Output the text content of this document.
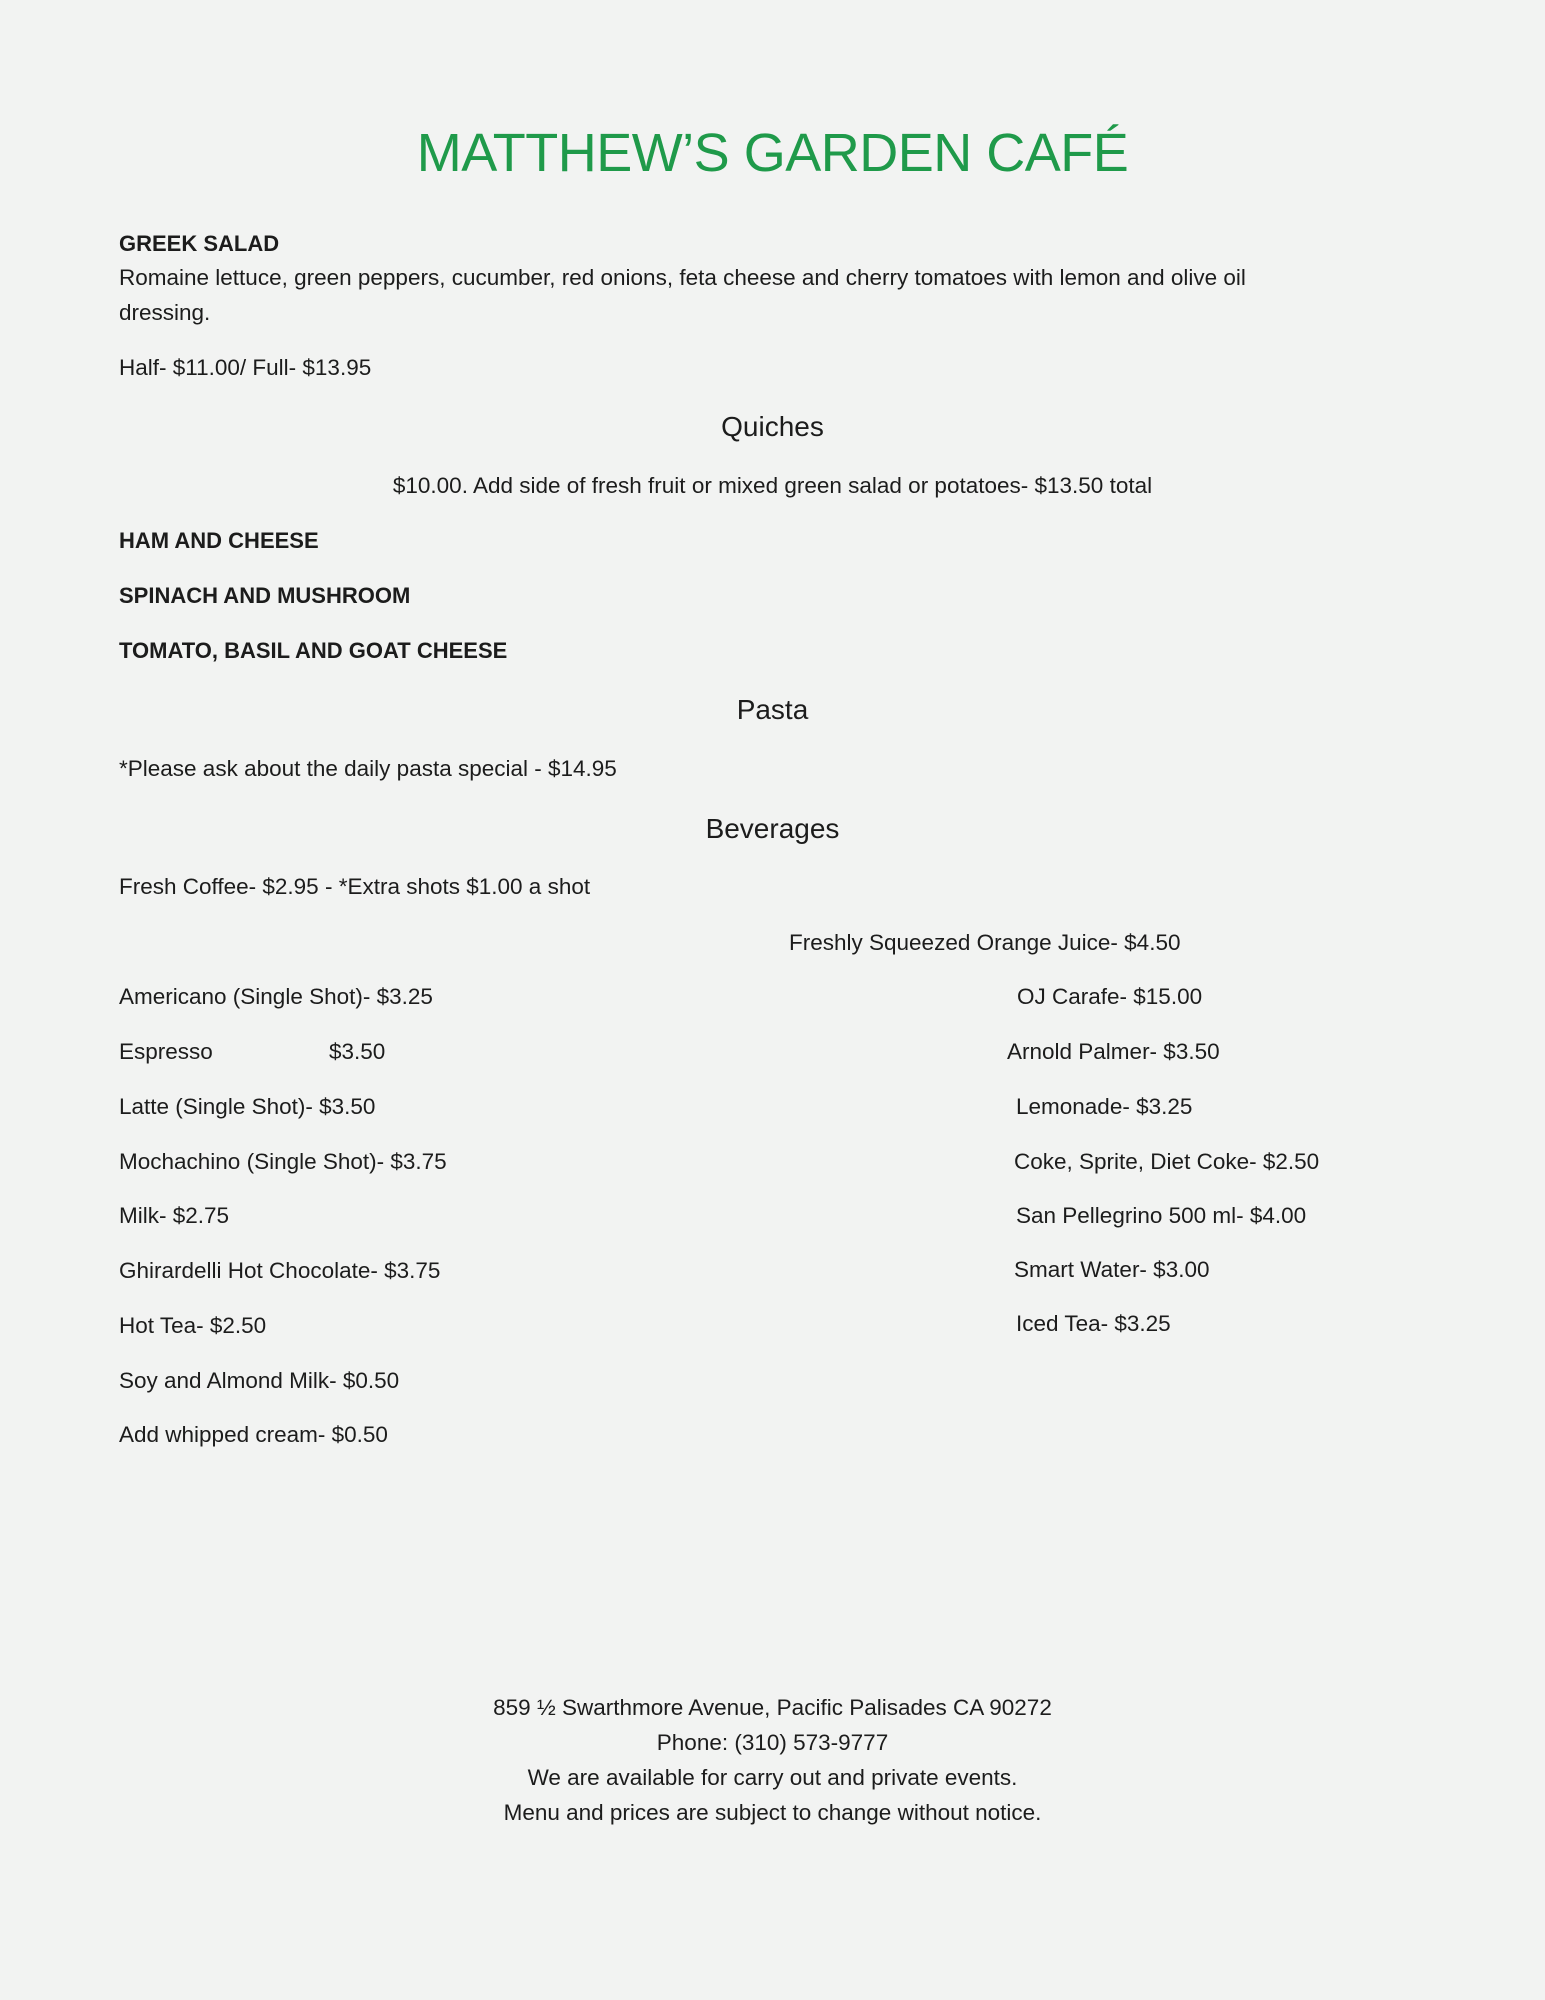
MATTHEW’S GARDEN CAFÉ
GREEK SALAD
Romaine lettuce, green peppers, cucumber, red onions, feta cheese and cherry tomatoes with lemon and olive oil
dressing.
Half- $11.00/ Full- $13.95
Quiches
$10.00. Add side of fresh fruit or mixed green salad or potatoes- $13.50 total
HAM AND CHEESE
SPINACH AND MUSHROOM
TOMATO, BASIL AND GOAT CHEESE
Pasta
*Please ask about the daily pasta special - $14.95
Beverages
Fresh Coffee- $2.95 - *Extra shots $1.00 a shot
Freshly Squeezed Orange Juice- $4.50
Americano (Single Shot)- $3.25
Espresso	$3.50
Latte (Single Shot)- $3.50
Mochachino (Single Shot)- $3.75
Milk- $2.75
Ghirardelli Hot Chocolate- $3.75
Hot Tea- $2.50
Soy and Almond Milk- $0.50
Add whipped cream- $0.50
OJ Carafe- $15.00
Arnold Palmer- $3.50
Lemonade- $3.25
Coke, Sprite, Diet Coke- $2.50
San Pellegrino 500 ml- $4.00
Smart Water- $3.00
Iced Tea- $3.25
859 ½ Swarthmore Avenue, Pacific Palisades CA 90272
Phone: (310) 573-9777
We are available for carry out and private events.
Menu and prices are subject to change without notice.
